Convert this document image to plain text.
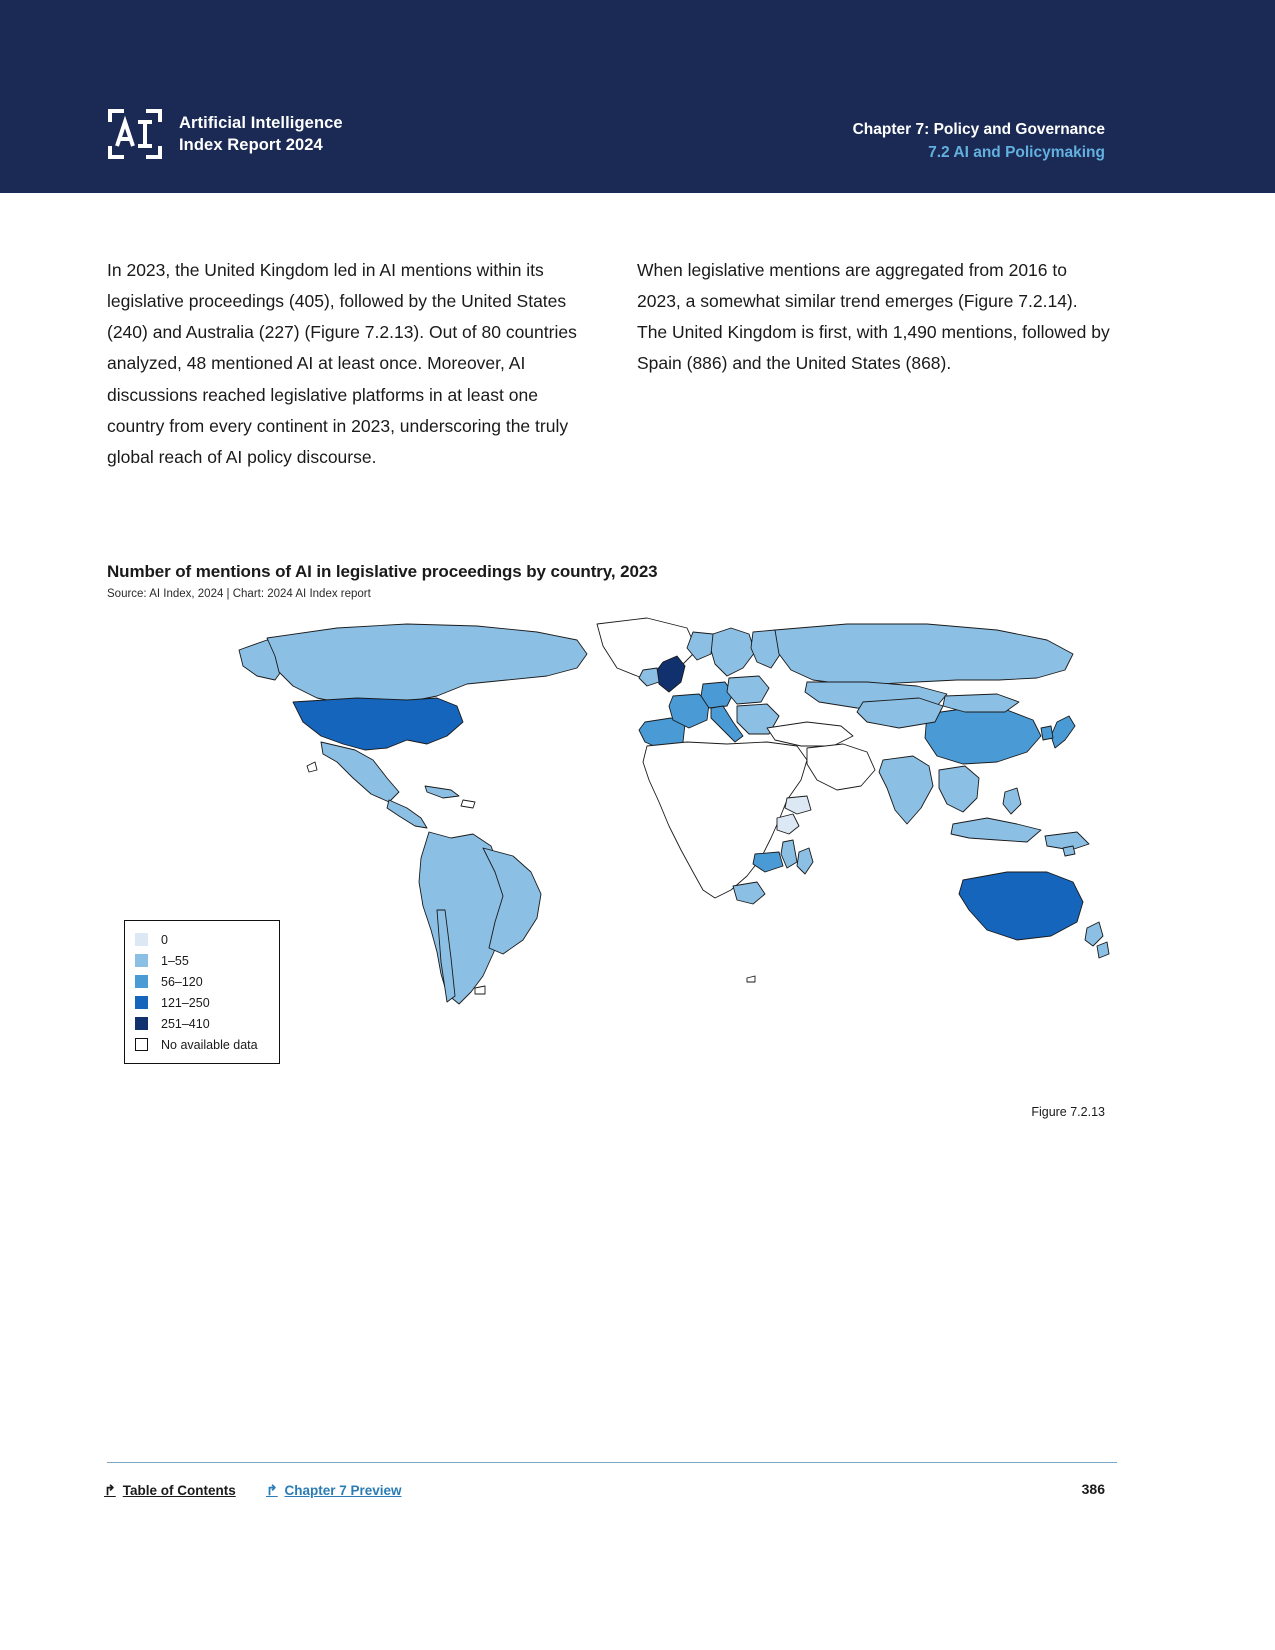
Artificial Intelligence
Index Report 2024
Chapter 7: Policy and Governance
7.2 AI and Policymaking
In 2023, the United Kingdom led in AI mentions within its legislative proceedings (405), followed by the United States (240) and Australia (227) (Figure 7.2.13). Out of 80 countries analyzed, 48 mentioned AI at least once. Moreover, AI discussions reached legislative platforms in at least one country from every continent in 2023, underscoring the truly global reach of AI policy discourse.
When legislative mentions are aggregated from 2016 to 2023, a somewhat similar trend emerges (Figure 7.2.14). The United Kingdom is first, with 1,490 mentions, followed by Spain (886) and the United States (868).
Number of mentions of AI in legislative proceedings by country, 2023
Source: AI Index, 2024 | Chart: 2024 AI Index report
0
1–55
56–120
121–250
251–410
No available data
Figure 7.2.13
↰ Table of Contents ↰ Chapter 7 Preview	386
